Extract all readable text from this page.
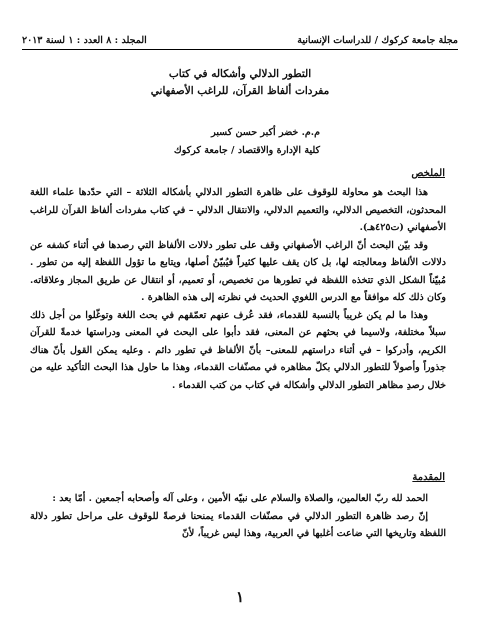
مجلة جامعة كركوك / للدراسات الإنسانية
المجلد : ٨ العدد : ١ لسنة ٢٠١٣
التطور الدلالي وأشكاله في كتاب
مفردات ألفاظ القرآن، للراغب الأصفهاني
م.م. خضر أكبر حسن كسبر
كلية الإدارة والاقتصاد / جامعة كركوك
الملخص

هذا البحث هو محاولة للوقوف على ظاهرة التطور الدلالي بأشكاله الثلاثة – التي حدّدها علماء اللغة المحدثون، التخصيص الدلالي، والتعميم الدلالي، والانتقال الدلالي – في كتاب مفردات ألفاظ القرآن للراغب الأصفهاني (ت٤٢٥هـ).

وقد بيّن البحث أنّ الراغب الأصفهاني وقف على تطور دلالات الألفاظ التي رصدها في أثناء كشفه عن دلالات الألفاظ ومعالجته لها، بل كان يقف عليها كثيراً فيُبيّنُ أصلها، ويتابع ما تؤول اللفظة إليه من تطور . مُبيّناً الشكل الذي تتخذه اللفظة في تطورها من تخصيص، أو تعميم، أو انتقال عن طريق المجاز وعلاقاته. وكان ذلك كله موافقاً مع الدرس اللغوي الحديث في نظرته إلى هذه الظاهرة .

وهذا ما لم يكن غريباً بالنسبة للقدماء، فقد عُرف عنهم تعمّقهم في بحث اللغة وتوغّلوا من أجل ذلك سبلاً مختلفة، ولاسيما في بحثهم عن المعنى، فقد دأبوا على البحث في المعنى ودراستها خدمةً للقرآن الكريم، وأدركوا – في أثناء دراستهم للمعنى– بأنّ الألفاظ في تطور دائم . وعليه يمكن القول بأنّ هناك جذوراً وأصولاً للتطور الدلالي بكلّ مظاهره في مصنّفات القدماء، وهذا ما حاول هذا البحث التأكيد عليه من خلال رصدِ مظاهر التطور الدلالي وأشكاله في كتاب من كتب القدماء .

المقدمة

الحمد لله ربّ العالمين، والصلاة والسلام على نبيّه الأمين ، وعلى آله وأصحابه أجمعين . أمّا بعد :

إنّ رصد ظاهرة التطور الدلالي في مصنّفات القدماء يمنحنا فرصةً للوقوف على مراحل تطور دلالة اللفظة وتاريخها التي ضاعت أغلبها في العربية، وهذا ليس غريباً، لأنّ

١
